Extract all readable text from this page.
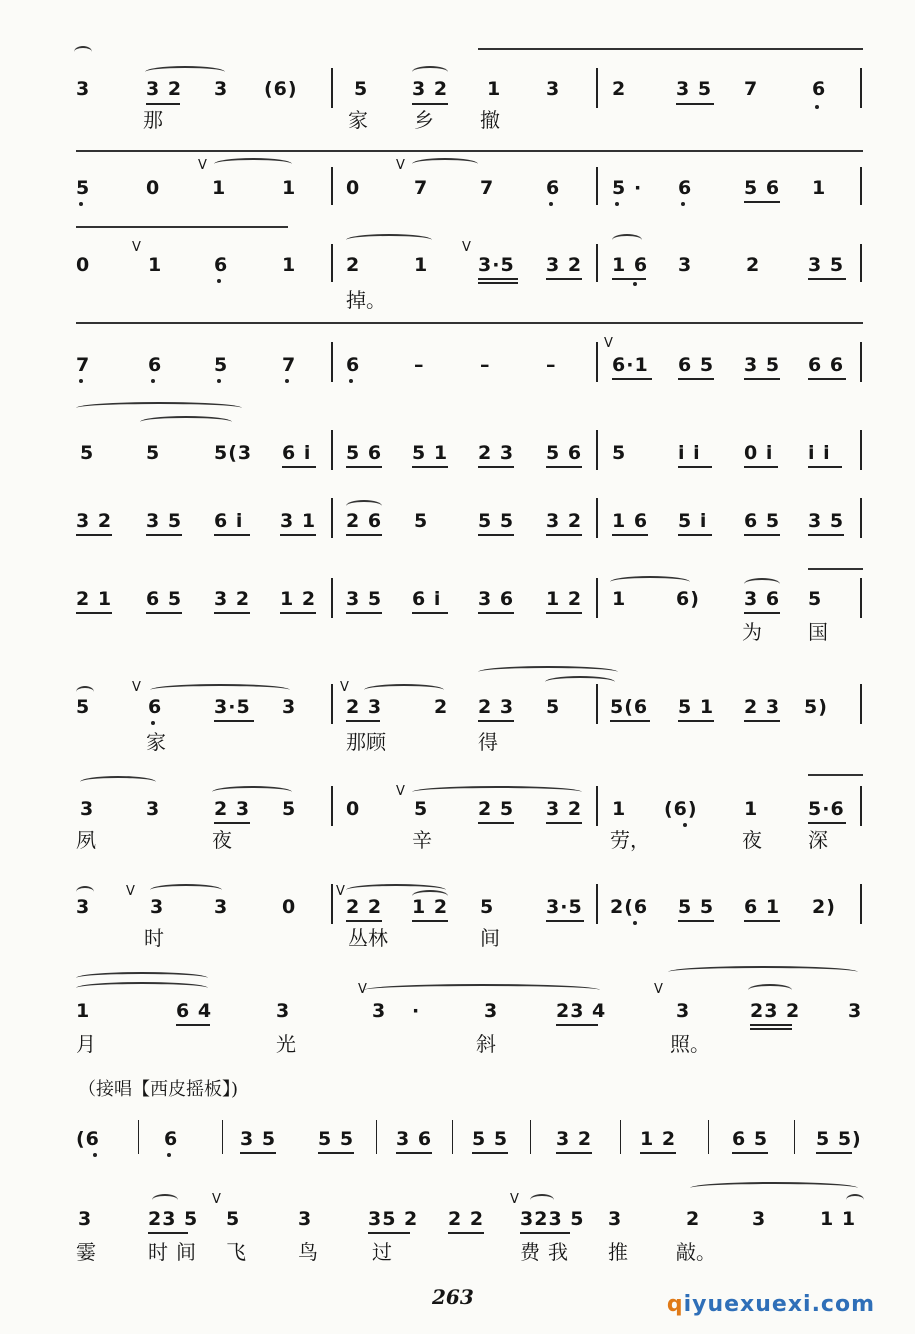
3	3 2 3 (6)	5 3 2 1 3	2	3 5 7	6
那	家 乡 撤
V	V
5	0	1	1	0	7	7	6	5 · 6	5 6 1
V	V
0	1	6	1	2	1	3·5 3 2 1 6 3	2	3 5
掉。
V
7	6	5	7	6	–	–	–	6·1 6 5 3 5 6 6
5	5	5(3 6 i 5 6 5 1 2 3 5 6 5	i i 0 i i i
3 2 3 5 6 i 3 1 2 6 5	5 5 3 2 1 6 5 i 6 5 3 5
2 1 6 5 3 2 1 2 3 5 6 i 3 6 1 2 1	6) 3 6 5
为 国
V	V
5	6	3·5 3	2 3	2 2 3 5	5(6 5 1 2 3 5)
家	那顾	得
V
3	3	2 3 5	0	5	2 5 3 2 1 (6) 1	5·6
夙	夜	辛	劳，	夜 深
V	V
3	3	3	0	2 2 1 2 5	3·5 2(6 5 5 6 1 2)
时	丛林	间
V	V
1	6 4	3	3 ·	3	23 4	3	23 2	3
月	光	斜	照。
（接唱【西皮摇板】)
(6	6	3 5 5 5 3 6 5 5	3 2	1 2	6 5	5 5)
V	V
3	23 5 5	3	35 2 2 2 323 5 3	2	3	1 1
霎	时间 飞	鸟	过	费我 推 敲。
263	qiyuexuexi.com
